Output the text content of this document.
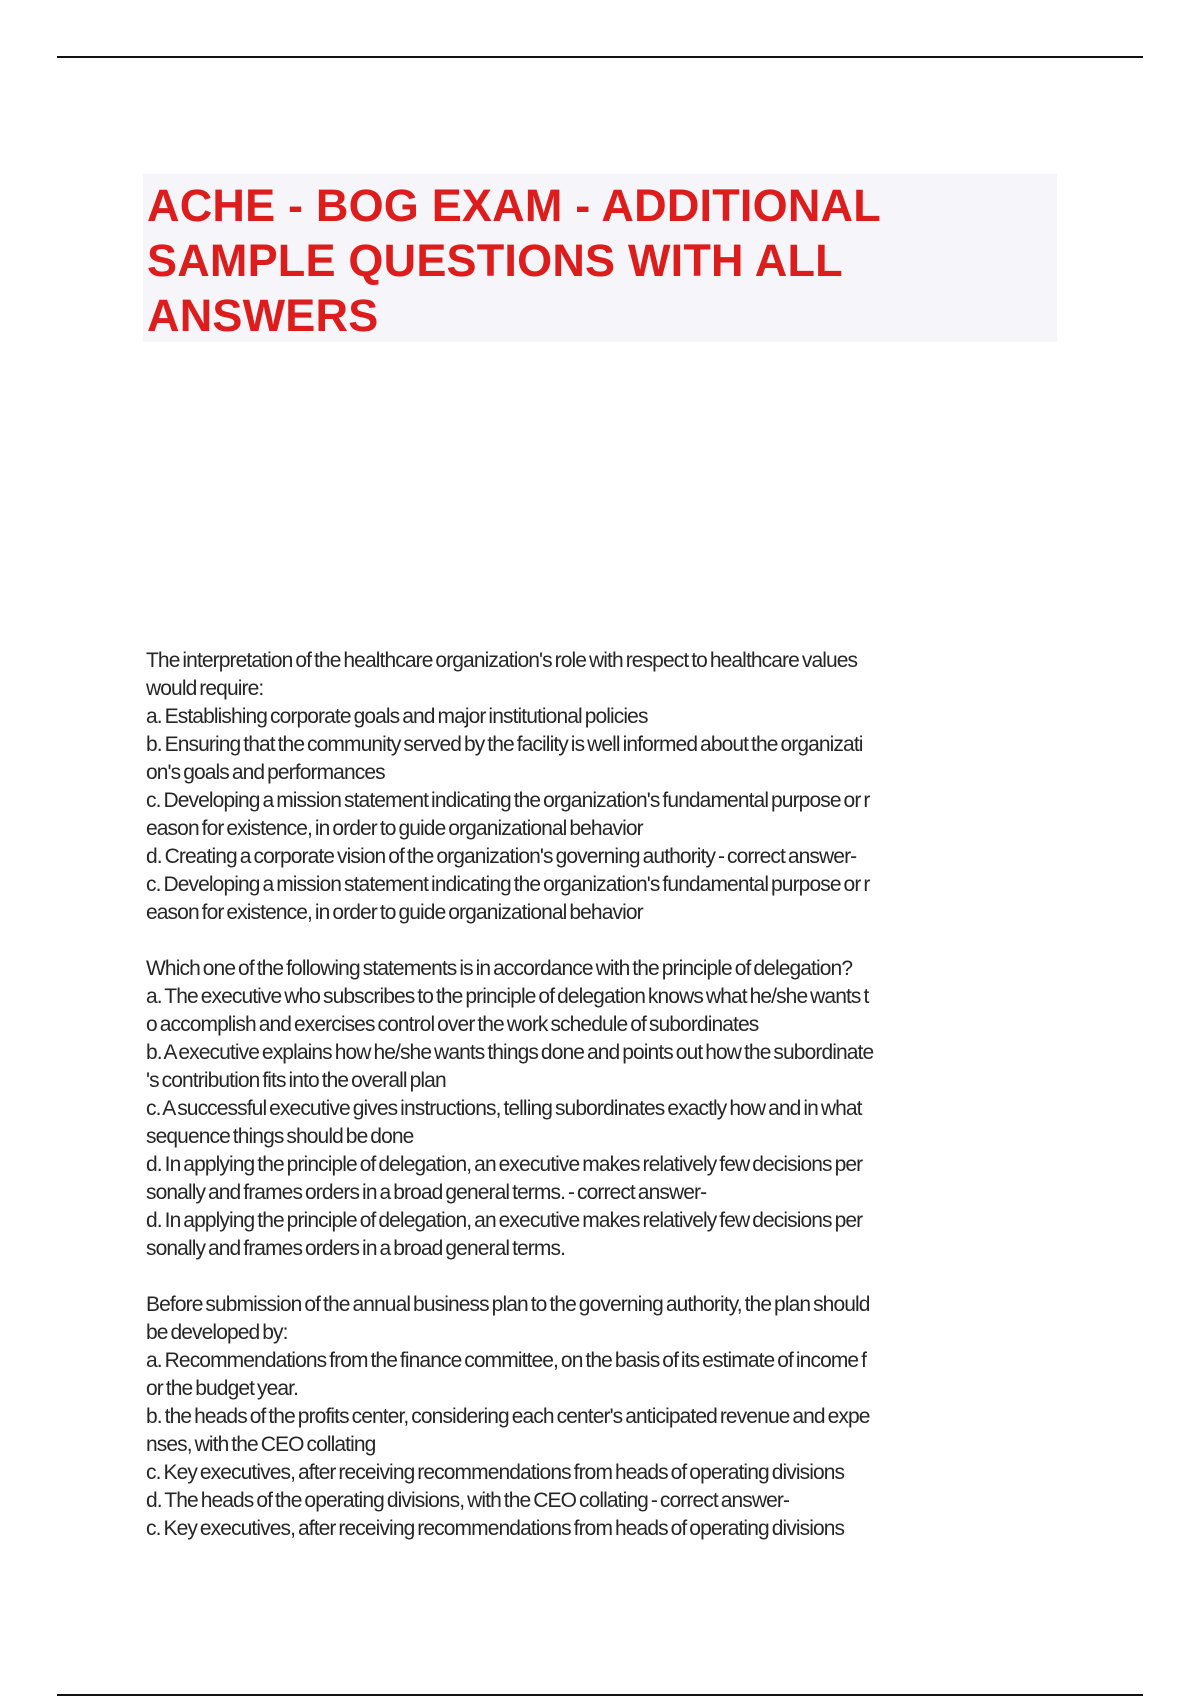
ACHE - BOG EXAM - ADDITIONAL
SAMPLE QUESTIONS WITH ALL
ANSWERS
The interpretation of the healthcare organization's role with respect to healthcare values
would require:
a. Establishing corporate goals and major institutional policies
b. Ensuring that the community served by the facility is well informed about the organizati
on's goals and performances
c. Developing a mission statement indicating the organization's fundamental purpose or r
eason for existence, in order to guide organizational behavior
d. Creating a corporate vision of the organization's governing authority - correct answer-
c. Developing a mission statement indicating the organization's fundamental purpose or r
eason for existence, in order to guide organizational behavior
Which one of the following statements is in accordance with the principle of delegation?
a. The executive who subscribes to the principle of delegation knows what he/she wants t
o accomplish and exercises control over the work schedule of subordinates
b. A executive explains how he/she wants things done and points out how the subordinate
's contribution fits into the overall plan
c. A successful executive gives instructions, telling subordinates exactly how and in what
sequence things should be done
d. In applying the principle of delegation, an executive makes relatively few decisions per
sonally and frames orders in a broad general terms. - correct answer-
d. In applying the principle of delegation, an executive makes relatively few decisions per
sonally and frames orders in a broad general terms.
Before submission of the annual business plan to the governing authority, the plan should
be developed by:
a. Recommendations from the finance committee, on the basis of its estimate of income f
or the budget year.
b. the heads of the profits center, considering each center's anticipated revenue and expe
nses, with the CEO collating
c. Key executives, after receiving recommendations from heads of operating divisions
d. The heads of the operating divisions, with the CEO collating - correct answer-
c. Key executives, after receiving recommendations from heads of operating divisions
